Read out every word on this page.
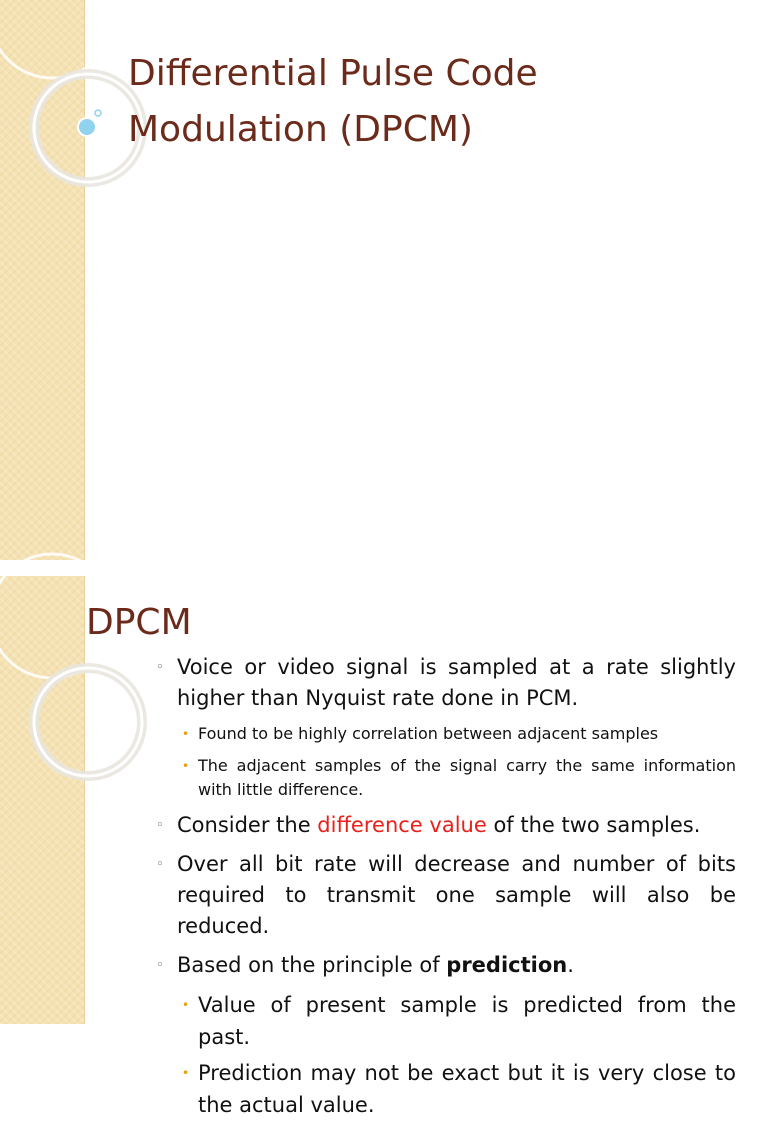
Differential Pulse Code
Modulation (DPCM)
DPCM
◦ Voice or video signal is sampled at a rate slightly higher than Nyquist rate done in PCM.
• Found to be highly correlation between adjacent samples
• The adjacent samples of the signal carry the same information with little difference.
◦ Consider the difference value of the two samples.
◦ Over all bit rate will decrease and number of bits required to transmit one sample will also be reduced.
◦ Based on the principle of prediction.
• Value of present sample is predicted from the past.
• Prediction may not be exact but it is very close to the actual value.
